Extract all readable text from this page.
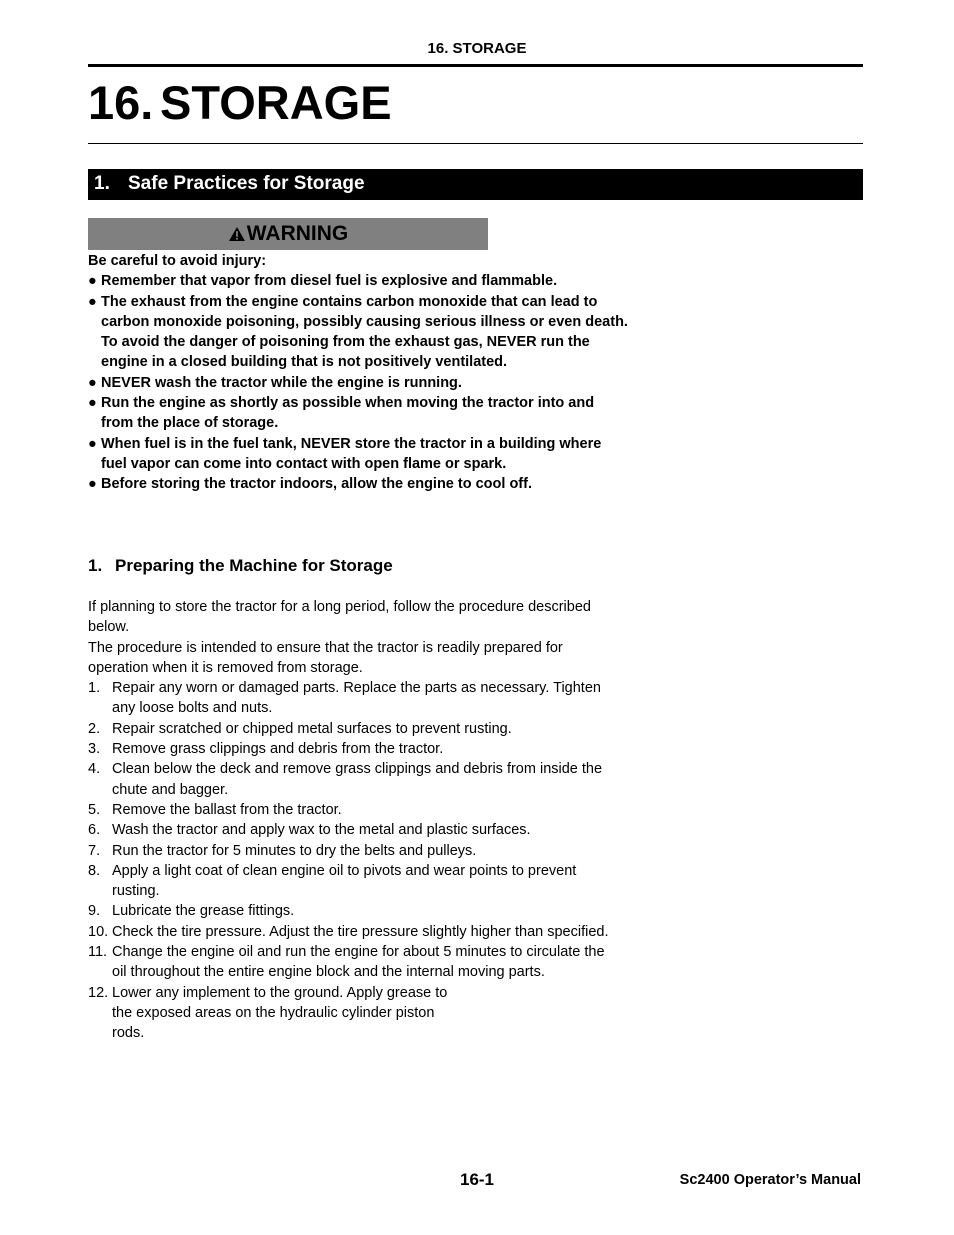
16. STORAGE
16. STORAGE
1. Safe Practices for Storage
WARNING

Be careful to avoid injury:

● Remember that vapor from diesel fuel is explosive and flammable.
● The exhaust from the engine contains carbon monoxide that can lead to carbon monoxide poisoning, possibly causing serious illness or even death. To avoid the danger of poisoning from the exhaust gas, NEVER run the engine in a closed building that is not positively ventilated.
● NEVER wash the tractor while the engine is running.
● Run the engine as shortly as possible when moving the tractor into and from the place of storage.
● When fuel is in the fuel tank, NEVER store the tractor in a building where fuel vapor can come into contact with open flame or spark.
● Before storing the tractor indoors, allow the engine to cool off.
1. Preparing the Machine for Storage

If planning to store the tractor for a long period, follow the procedure described below.

The procedure is intended to ensure that the tractor is readily prepared for operation when it is removed from storage.

1. Repair any worn or damaged parts. Replace the parts as necessary. Tighten any loose bolts and nuts.
2. Repair scratched or chipped metal surfaces to prevent rusting.
3. Remove grass clippings and debris from the tractor.
4. Clean below the deck and remove grass clippings and debris from inside the chute and bagger.
5. Remove the ballast from the tractor.
6. Wash the tractor and apply wax to the metal and plastic surfaces.
7. Run the tractor for 5 minutes to dry the belts and pulleys.
8. Apply a light coat of clean engine oil to pivots and wear points to prevent rusting.
9. Lubricate the grease fittings.
10. Check the tire pressure. Adjust the tire pressure slightly higher than specified.
11. Change the engine oil and run the engine for about 5 minutes to circulate the oil throughout the entire engine block and the internal moving parts.
12. Lower any implement to the ground. Apply grease to the exposed areas on the hydraulic cylinder piston rods.
16-1	Sc2400 Operator’s Manual
